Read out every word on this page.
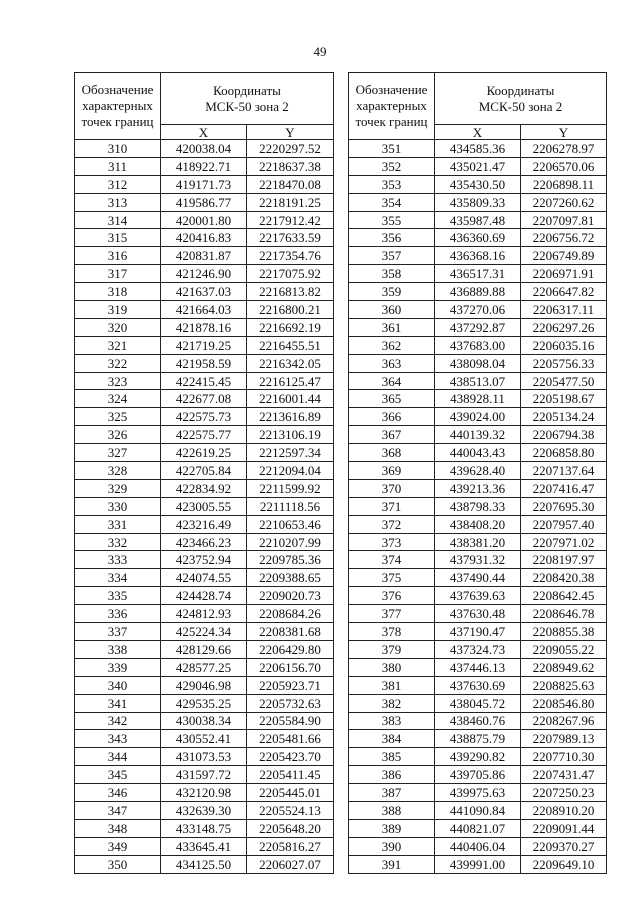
49
Обозначение характерных точек границ	Координаты
МСК-50 зона 2	

	X	Y
310	420038.04	2220297.52
311	418922.71	2218637.38
312	419171.73	2218470.08
313	419586.77	2218191.25
314	420001.80	2217912.42
315	420416.83	2217633.59
316	420831.87	2217354.76
317	421246.90	2217075.92
318	421637.03	2216813.82
319	421664.03	2216800.21
320	421878.16	2216692.19
321	421719.25	2216455.51
322	421958.59	2216342.05
323	422415.45	2216125.47
324	422677.08	2216001.44
325	422575.73	2213616.89
326	422575.77	2213106.19
327	422619.25	2212597.34
328	422705.84	2212094.04
329	422834.92	2211599.92
330	423005.55	2211118.56
331	423216.49	2210653.46
332	423466.23	2210207.99
333	423752.94	2209785.36
334	424074.55	2209388.65
335	424428.74	2209020.73
336	424812.93	2208684.26
337	425224.34	2208381.68
338	428129.66	2206429.80
339	428577.25	2206156.70
340	429046.98	2205923.71
341	429535.25	2205732.63
342	430038.34	2205584.90
343	430552.41	2205481.66
344	431073.53	2205423.70
345	431597.72	2205411.45
346	432120.98	2205445.01
347	432639.30	2205524.13
348	433148.75	2205648.20
349	433645.41	2205816.27
350	434125.50	2206027.07
Обозначение характерных точек границ	Координаты
МСК-50 зона 2	

	X	Y
351	434585.36	2206278.97
352	435021.47	2206570.06
353	435430.50	2206898.11
354	435809.33	2207260.62
355	435987.48	2207097.81
356	436360.69	2206756.72
357	436368.16	2206749.89
358	436517.31	2206971.91
359	436889.88	2206647.82
360	437270.06	2206317.11
361	437292.87	2206297.26
362	437683.00	2206035.16
363	438098.04	2205756.33
364	438513.07	2205477.50
365	438928.11	2205198.67
366	439024.00	2205134.24
367	440139.32	2206794.38
368	440043.43	2206858.80
369	439628.40	2207137.64
370	439213.36	2207416.47
371	438798.33	2207695.30
372	438408.20	2207957.40
373	438381.20	2207971.02
374	437931.32	2208197.97
375	437490.44	2208420.38
376	437639.63	2208642.45
377	437630.48	2208646.78
378	437190.47	2208855.38
379	437324.73	2209055.22
380	437446.13	2208949.62
381	437630.69	2208825.63
382	438045.72	2208546.80
383	438460.76	2208267.96
384	438875.79	2207989.13
385	439290.82	2207710.30
386	439705.86	2207431.47
387	439975.63	2207250.23
388	441090.84	2208910.20
389	440821.07	2209091.44
390	440406.04	2209370.27
391	439991.00	2209649.10
